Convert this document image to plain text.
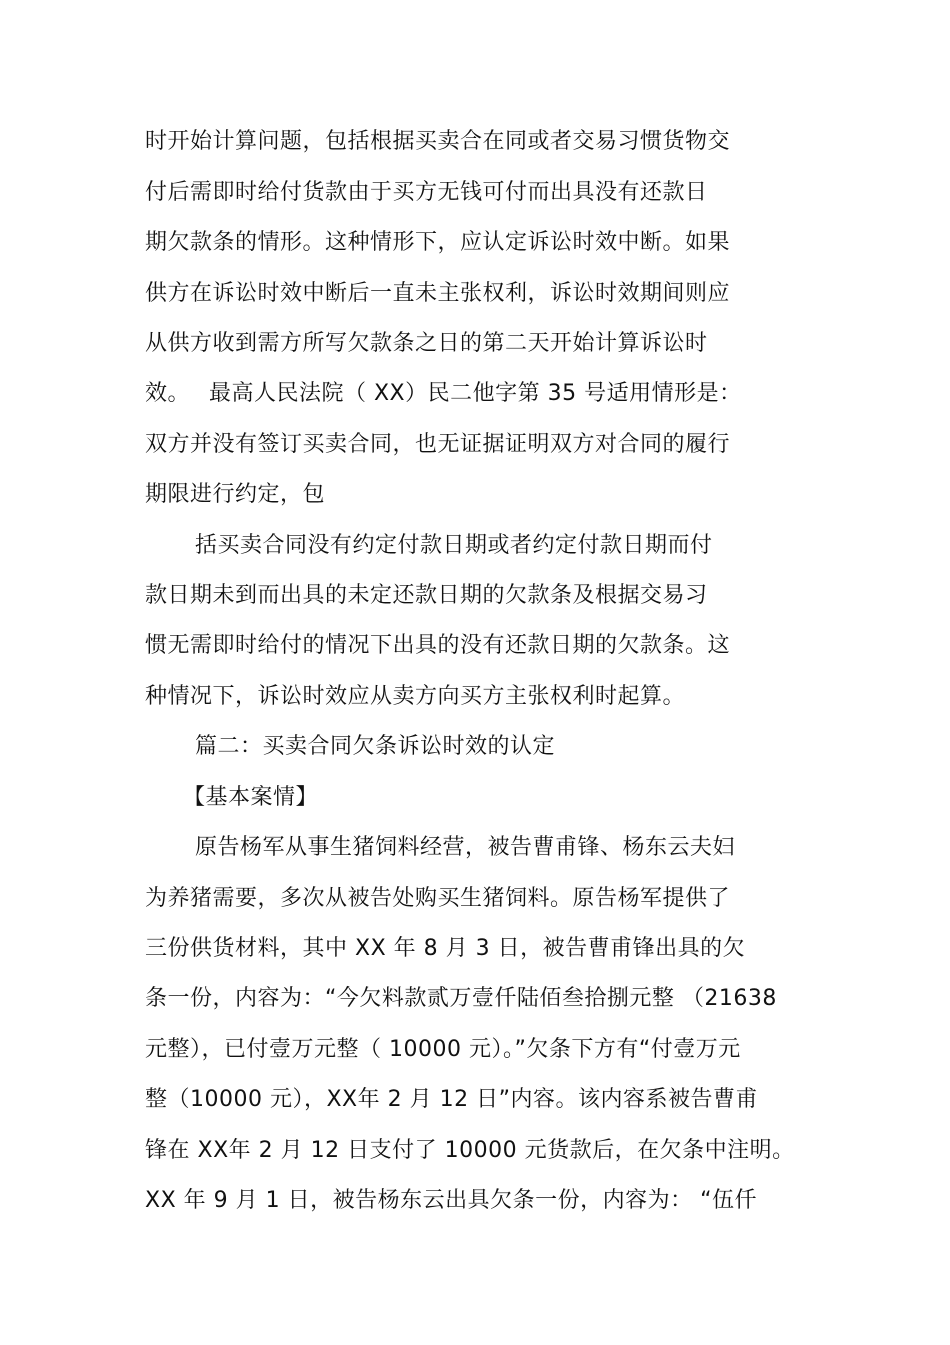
时开始计算问题，包括根据买卖合在同或者交易习惯货物交
付后需即时给付货款由于买方无钱可付而出具没有还款日
期欠款条的情形。这种情形下，应认定诉讼时效中断。如果
供方在诉讼时效中断后一直未主张权利，诉讼时效期间则应
从供方收到需方所写欠款条之日的第二天开始计算诉讼时
效。　 最高人民法院（ XX）民二他字第 35 号适用情形是：
双方并没有签订买卖合同，也无证据证明双方对合同的履行
期限进行约定，包
括买卖合同没有约定付款日期或者约定付款日期而付
款日期未到而出具的未定还款日期的欠款条及根据交易习
惯无需即时给付的情况下出具的没有还款日期的欠款条。这
种情况下，诉讼时效应从卖方向买方主张权利时起算。
篇二：买卖合同欠条诉讼时效的认定
【基本案情】
原告杨军从事生猪饲料经营，被告曹甫锋、杨东云夫妇
为养猪需要，多次从被告处购买生猪饲料。原告杨军提供了
三份供货材料，其中 XX 年 8 月 3 日，被告曹甫锋出具的欠
条一份，内容为：“今欠料款贰万壹仟陆佰叁拾捌元整 （21638
元整），已付壹万元整（ 10000 元）。”欠条下方有“付壹万元
整（10000 元），XX年 2 月 12 日”内容。该内容系被告曹甫
锋在 XX年 2 月 12 日支付了 10000 元货款后，在欠条中注明。
XX 年 9 月 1 日，被告杨东云出具欠条一份，内容为： “伍仟
